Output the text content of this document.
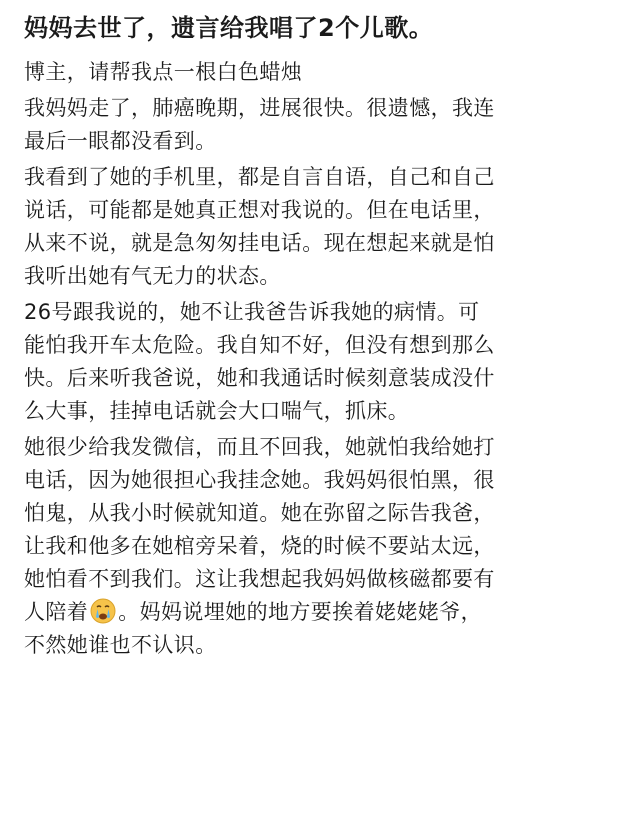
妈妈去世了，遗言给我唱了2个儿歌。
博主，请帮我点一根白色蜡烛
我妈妈走了，肺癌晚期，进展很快。很遗憾，我连
最后一眼都没看到。
我看到了她的手机里，都是自言自语，自己和自己
说话，可能都是她真正想对我说的。但在电话里，
从来不说，就是急匆匆挂电话。现在想起来就是怕
我听出她有气无力的状态。
26号跟我说的，她不让我爸告诉我她的病情。可
能怕我开车太危险。我自知不好，但没有想到那么
快。后来听我爸说，她和我通话时候刻意装成没什
么大事，挂掉电话就会大口喘气，抓床。
她很少给我发微信，而且不回我，她就怕我给她打
电话，因为她很担心我挂念她。我妈妈很怕黑，很
怕鬼，从我小时候就知道。她在弥留之际告我爸，
让我和他多在她棺旁呆着，烧的时候不要站太远，
她怕看不到我们。这让我想起我妈妈做核磁都要有
人陪着 。妈妈说埋她的地方要挨着姥姥姥爷，
不然她谁也不认识。
